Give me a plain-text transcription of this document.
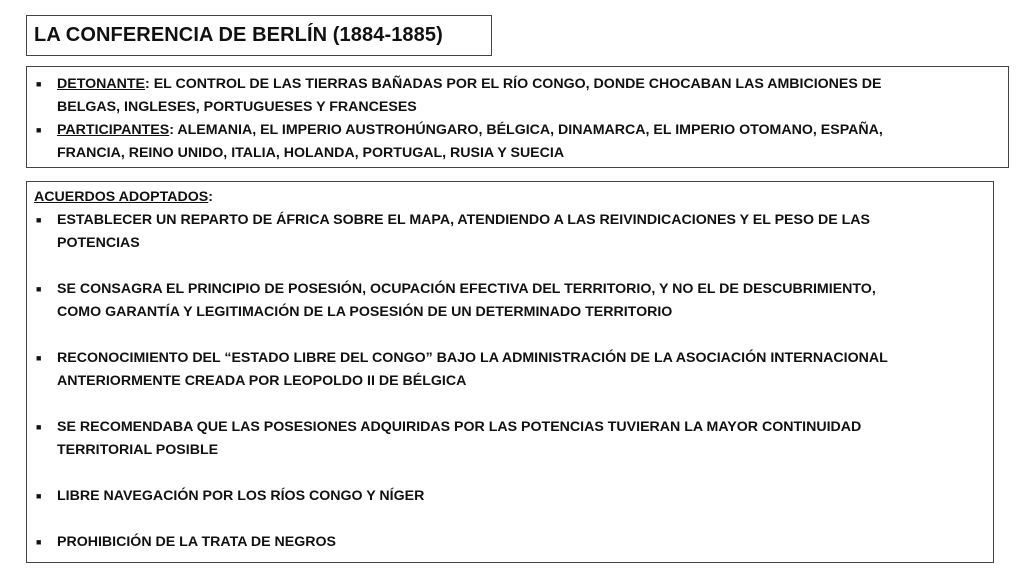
LA CONFERENCIA DE BERLÍN (1884-1885)
■	DETONANTE: EL CONTROL DE LAS TIERRAS BAÑADAS POR EL RÍO CONGO, DONDE CHOCABAN LAS AMBICIONES DE
BELGAS, INGLESES, PORTUGUESES Y FRANCESES
■	PARTICIPANTES: ALEMANIA, EL IMPERIO AUSTROHÚNGARO, BÉLGICA, DINAMARCA, EL IMPERIO OTOMANO, ESPAÑA,
FRANCIA, REINO UNIDO, ITALIA, HOLANDA, PORTUGAL, RUSIA Y SUECIA
ACUERDOS ADOPTADOS:
■	ESTABLECER UN REPARTO DE ÁFRICA SOBRE EL MAPA, ATENDIENDO A LAS REIVINDICACIONES Y EL PESO DE LAS
POTENCIAS
■	SE CONSAGRA EL PRINCIPIO DE POSESIÓN, OCUPACIÓN EFECTIVA DEL TERRITORIO, Y NO EL DE DESCUBRIMIENTO,
COMO GARANTÍA Y LEGITIMACIÓN DE LA POSESIÓN DE UN DETERMINADO TERRITORIO
■	RECONOCIMIENTO DEL “ESTADO LIBRE DEL CONGO” BAJO LA ADMINISTRACIÓN DE LA ASOCIACIÓN INTERNACIONAL
ANTERIORMENTE CREADA POR LEOPOLDO II DE BÉLGICA
■	SE RECOMENDABA QUE LAS POSESIONES ADQUIRIDAS POR LAS POTENCIAS TUVIERAN LA MAYOR CONTINUIDAD
TERRITORIAL POSIBLE
■	LIBRE NAVEGACIÓN POR LOS RÍOS CONGO Y NÍGER
■	PROHIBICIÓN DE LA TRATA DE NEGROS
